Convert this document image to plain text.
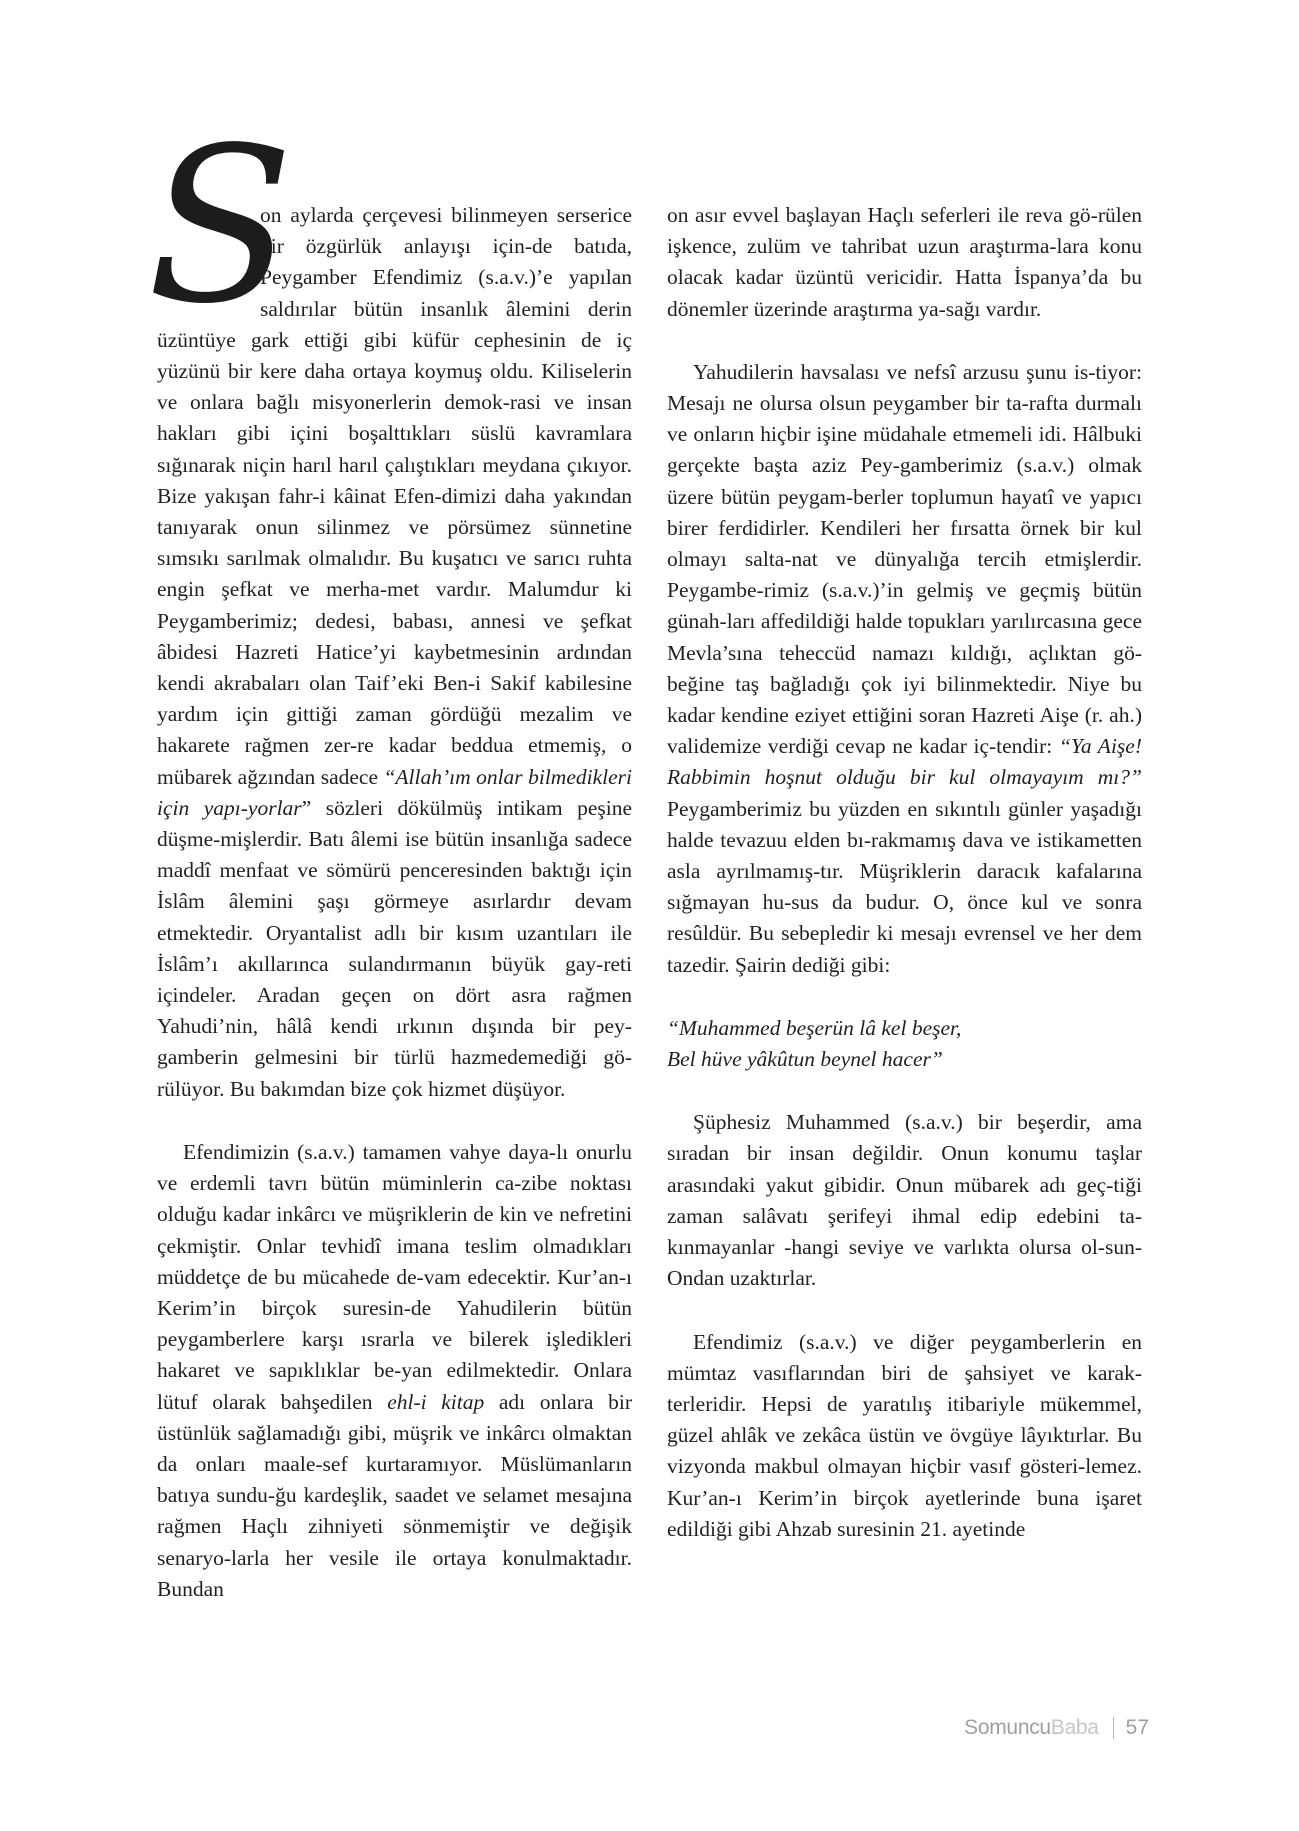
S
on aylarda çerçevesi bilinmeyen serserice bir özgürlük anlayışı için-de batıda, Peygamber Efendimiz (s.a.v.)’e yapılan saldırılar bütün insanlık âlemini derin üzüntüye gark ettiği gibi küfür cephesinin de iç yüzünü bir kere daha ortaya koymuş oldu. Kiliselerin ve onlara bağlı misyonerlerin demok-rasi ve insan hakları gibi içini boşalttıkları süslü kavramlara sığınarak niçin harıl harıl çalıştıkları meydana çıkıyor. Bize yakışan fahr-i kâinat Efen-dimizi daha yakından tanıyarak onun silinmez ve pörsümez sünnetine sımsıkı sarılmak olmalıdır. Bu kuşatıcı ve sarıcı ruhta engin şefkat ve merha-met vardır. Malumdur ki Peygamberimiz; dedesi, babası, annesi ve şefkat âbidesi Hazreti Hatice’yi kaybetmesinin ardından kendi akrabaları olan Taif’eki Ben-i Sakif kabilesine yardım için gittiği zaman gördüğü mezalim ve hakarete rağmen zer-re kadar beddua etmemiş, o mübarek ağzından sadece “Allah’ım onlar bilmedikleri için yapı-yorlar” sözleri dökülmüş intikam peşine düşme-mişlerdir. Batı âlemi ise bütün insanlığa sadece maddî menfaat ve sömürü penceresinden baktığı için İslâm âlemini şaşı görmeye asırlardır devam etmektedir. Oryantalist adlı bir kısım uzantıları ile İslâm’ı akıllarınca sulandırmanın büyük gay-reti içindeler. Aradan geçen on dört asra rağmen Yahudi’nin, hâlâ kendi ırkının dışında bir pey-gamberin gelmesini bir türlü hazmedemediği gö-rülüyor. Bu bakımdan bize çok hizmet düşüyor.

Efendimizin (s.a.v.) tamamen vahye daya-lı onurlu ve erdemli tavrı bütün müminlerin ca-zibe noktası olduğu kadar inkârcı ve müşriklerin de kin ve nefretini çekmiştir. Onlar tevhidî imana teslim olmadıkları müddetçe de bu mücahede de-vam edecektir. Kur’an-ı Kerim’in birçok suresin-de Yahudilerin bütün peygamberlere karşı ısrarla ve bilerek işledikleri hakaret ve sapıklıklar be-yan edilmektedir. Onlara lütuf olarak bahşedilen ehl-i kitap adı onlara bir üstünlük sağlamadığı gibi, müşrik ve inkârcı olmaktan da onları maale-sef kurtaramıyor. Müslümanların batıya sundu-ğu kardeşlik, saadet ve selamet mesajına rağmen Haçlı zihniyeti sönmemiştir ve değişik senaryo-larla her vesile ile ortaya konulmaktadır. Bundan

on asır evvel başlayan Haçlı seferleri ile reva gö-rülen işkence, zulüm ve tahribat uzun araştırma-lara konu olacak kadar üzüntü vericidir. Hatta İspanya’da bu dönemler üzerinde araştırma ya-sağı vardır.

Yahudilerin havsalası ve nefsî arzusu şunu is-tiyor: Mesajı ne olursa olsun peygamber bir ta-rafta durmalı ve onların hiçbir işine müdahale etmemeli idi. Hâlbuki gerçekte başta aziz Pey-gamberimiz (s.a.v.) olmak üzere bütün peygam-berler toplumun hayatî ve yapıcı birer ferdidirler. Kendileri her fırsatta örnek bir kul olmayı salta-nat ve dünyalığa tercih etmişlerdir. Peygambe-rimiz (s.a.v.)’in gelmiş ve geçmiş bütün günah-ları affedildiği halde topukları yarılırcasına gece Mevla’sına teheccüd namazı kıldığı, açlıktan gö-beğine taş bağladığı çok iyi bilinmektedir. Niye bu kadar kendine eziyet ettiğini soran Hazreti Aişe (r. ah.) validemize verdiği cevap ne kadar iç-tendir: “Ya Aişe! Rabbimin hoşnut olduğu bir kul olmayayım mı?” Peygamberimiz bu yüzden en sıkıntılı günler yaşadığı halde tevazuu elden bı-rakmamış dava ve istikametten asla ayrılmamış-tır. Müşriklerin daracık kafalarına sığmayan hu-sus da budur. O, önce kul ve sonra resûldür. Bu sebepledir ki mesajı evrensel ve her dem tazedir. Şairin dediği gibi:

“Muhammed beşerün lâ kel beşer,

Bel hüve yâkûtun beynel hacer”

Şüphesiz Muhammed (s.a.v.) bir beşerdir, ama sıradan bir insan değildir. Onun konumu taşlar arasındaki yakut gibidir. Onun mübarek adı geç-tiği zaman salâvatı şerifeyi ihmal edip edebini ta-kınmayanlar -hangi seviye ve varlıkta olursa ol-sun- Ondan uzaktırlar.

Efendimiz (s.a.v.) ve diğer peygamberlerin en mümtaz vasıflarından biri de şahsiyet ve karak-terleridir. Hepsi de yaratılış itibariyle mükemmel, güzel ahlâk ve zekâca üstün ve övgüye lâyıktırlar. Bu vizyonda makbul olmayan hiçbir vasıf gösteri-lemez. Kur’an-ı Kerim’in birçok ayetlerinde buna işaret edildiği gibi Ahzab suresinin 21. ayetinde

Somuncu Baba 57
